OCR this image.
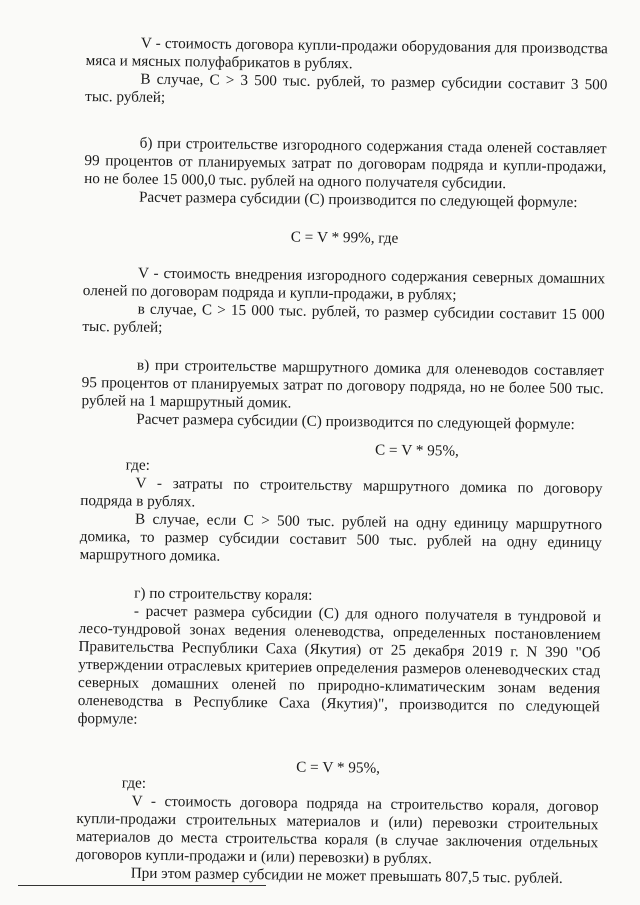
V - стоимость договора купли-продажи оборудования для производства мяса и мясных полуфабрикатов в рублях.

В случае, С > 3 500 тыс. рублей, то размер субсидии составит 3 500 тыс. рублей;

б) при строительстве изгородного содержания стада оленей составляет 99 процентов от планируемых затрат по договорам подряда и купли-продажи, но не более 15 000,0 тыс. рублей на одного получателя субсидии.

Расчет размера субсидии (С) производится по следующей формуле:

С = V * 99%, где

V - стоимость внедрения изгородного содержания северных домашних оленей по договорам подряда и купли-продажи, в рублях;

в случае, С > 15 000 тыс. рублей, то размер субсидии составит 15 000 тыс. рублей;

в) при строительстве маршрутного домика для оленеводов составляет 95 процентов от планируемых затрат по договору подряда, но не более 500 тыс. рублей на 1 маршрутный домик.

Расчет размера субсидии (С) производится по следующей формуле:

С = V * 95%,

где:

V - затраты по строительству маршрутного домика по договору подряда в рублях.

В случае, если С > 500 тыс. рублей на одну единицу маршрутного домика, то размер субсидии составит 500 тыс. рублей на одну единицу маршрутного домика.

г) по строительству кораля:

- расчет размера субсидии (С) для одного получателя в тундровой и лесо-тундровой зонах ведения оленеводства, определенных постановлением Правительства Республики Саха (Якутия) от 25 декабря 2019 г. N 390 "Об утверждении отраслевых критериев определения размеров оленеводческих стад северных домашних оленей по природно-климатическим зонам ведения оленеводства в Республике Саха (Якутия)", производится по следующей формуле:

С = V * 95%,

где:

V - стоимость договора подряда на строительство кораля, договор купли-продажи строительных материалов и (или) перевозки строительных материалов до места строительства кораля (в случае заключения отдельных договоров купли-продажи и (или) перевозки) в рублях.

При этом размер субсидии не может превышать 807,5 тыс. рублей.
